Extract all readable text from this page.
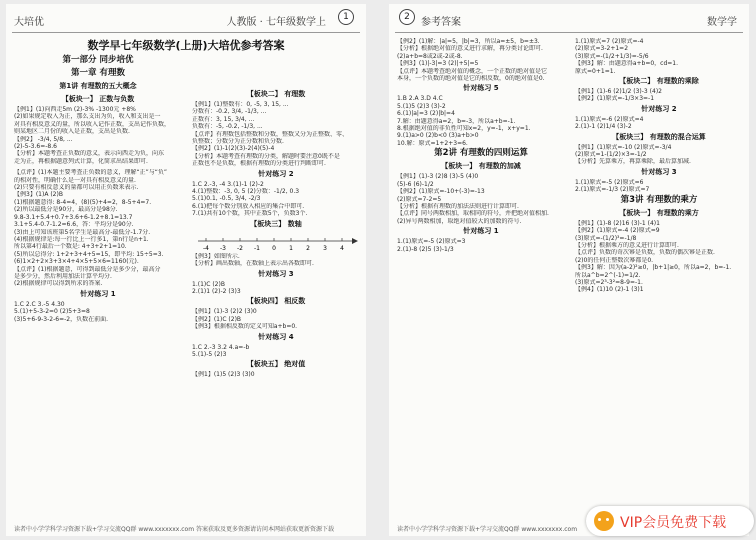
大培优	人教版 · 七年级数学上	1
数学早七年级数学(上册)大培优参考答案
第一部分 同步培优
第一章 有理数
第1讲 有理数的五大概念
【板块一】 正数与负数
【例1】(1)向西走5m (2)-3% -1300元 +8%
(2)如果规定收入为正，那么支出为负，收入和支出是一
对具有相反意义的量，所以收入记作正数，支出记作负数，
则某地区二月份的收入是正数，支出是负数.
【例2】 -3/4, 5/8, ...
(2)-5-3.6=-8.6
【分析】本题考查正负数的意义，表示向西走为负，向东
走为正，再根据题意列式计算，化简求出结果即可.
【点评】(1)本题主要考查正负数的意义，理解“正”与“负”
的相对性，明确什么是一对具有相反意义的量.
(2)只要有相反意义的量都可以用正负数来表示.
【例3】(1)A (2)B
(1)根据题意得: 8-4=4，(8)(5)+4=2，8-5+4=7.
(2)所以最低分是90分，最高分是98分.
9.8-3.1+5.4+0.7+3.6+6-1.2+8.1=13.7
3.1+5.4-0.7-1.2=6.6，答：平均分是90分.
(3)由上可知该班第5名学生是最高分-最低分-1.7分.
(4)根据规律是:每一行比上一行多1，第n行是n+1.
所以第4行最后一个数是: 4+3+2+1=10.
(5)所以总得分: 1+2+3+4+5=15，即平均: 15÷5=3.
(6)1×2+2×3+3×4+4×5+5×6=1160(元).
【点评】(1)根据题意，可得到最低分是多少分，最高分
是多少分，然后利用加法计算平均分.
(2)根据规律可以得到所求的答案.
针对练习 1
1.C 2.C 3.-5 4.30
5.(1)+5-3-2=0 (2)5+3=8
(3)5+6-9-3-2-6=-2，负数在前面.
【板块二】 有理数
【例1】(1)整数有：0, -5, 3, 15, ...
分数有：-0.2, 3/4, -1/3, ...
正数有：3, 15, 3/4, ...
负数有：-5, -0.2, -1/3, ...
【点评】有理数包括整数和分数，整数又分为正整数、零、
负整数；分数分为正分数和负分数.
【例2】(1)-1(2)(3)-2(4)(5)-4
【分析】本题考查有理数的分类，解题时要注意0既不是
正数也不是负数，根据有理数的分类进行判断即可.
针对练习 2
1.C 2.-3, -4 3.(1)-1 (2)-2
4.(1)整数：-3, 0, 5 (2)分数：-1/2, 0.3
5.(1)0.1, -0.5, 3/4, -2/3
6.(1)把每个数分别放入相应的集合中即可.
7.(1)共有10个数，其中正数5个，负数3个.
【板块三】 数轴
-4 -3 -2 -1 0 1 2 3 4
【例3】如图所示.
【分析】画出数轴，在数轴上表示出各数即可.
针对练习 3
1.(1)C (2)B
2.(1)1 (2)-2 (3)3
【板块四】 相反数
【例1】(1)-3 (2)2 (3)0
【例2】(1)C (2)B
【例3】根据相反数的定义可知a+b=0.
针对练习 4
1.C 2.-3 3.2 4.a=-b
5.(1)-5 (2)3
【板块五】 绝对值
【例1】(1)5 (2)3 (3)0
读者中小学学科学习资源下载+学习交流QQ群 www.xxxxxxx.com 答案获取及更多资源请访问本网站获取更新资源下载
2	参考答案	数学学
【例2】(1)解：|a|=5，|b|=3，所以a=±5，b=±3.
【分析】根据绝对值的意义进行求解，再分类讨论即可.
(2)a+b=8或2或-2或-8.
【例3】(1)|-3|=3 (2)|+5|=5
【点评】本题考查绝对值的概念，一个正数的绝对值是它
本身，一个负数的绝对值是它的相反数，0的绝对值是0.
针对练习 5
1.B 2.A 3.D 4.C
5.(1)5 (2)3 (3)-2
6.(1)|a|=3 (2)|b|=4
7.解：由题意得a=2，b=-3，所以a+b=-1.
8.根据绝对值的非负性可知x=2，y=-1，x+y=1.
9.(1)a>0 (2)b<0 (3)a+b>0
10.解：原式=1+2+3=6.
第2讲 有理数的四则运算
【板块一】 有理数的加减
【例1】(1)-3 (2)8 (3)-5 (4)0
(5)-6 (6)-1/2
【例2】(1)原式=-10+(-3)=-13
(2)原式=7-2=5
【分析】根据有理数的加法法则进行计算即可.
【点评】同号两数相加，取相同的符号，并把绝对值相加.
(2)异号两数相加，取绝对值较大的加数的符号.
针对练习 1
1.(1)原式=-5 (2)原式=3
2.(1)-8 (2)5 (3)-1/3
1.(1)原式=7 (2)原式=-4
(2)原式=3-2+1=2
(3)原式=-(1/2+1/3)=-5/6
【例3】解：由题意得a+b=0，cd=1.
原式=0+1=1.
【板块二】 有理数的乘除
【例1】(1)-6 (2)1/2 (3)-3 (4)2
【例2】(1)原式=-1/3×3=-1
针对练习 2
1.(1)原式=-6 (2)原式=4
2.(1)-1 (2)1/4 (3)-2
【板块三】 有理数的混合运算
【例1】(1)原式=-10 (2)原式=-3/4
(2)原式=1-(1/2)×3=-1/2
【分析】先算乘方，再算乘除，最后算加减.
针对练习 3
1.(1)原式=-5 (2)原式=6
2.(1)原式=-1/3 (2)原式=7
第3讲 有理数的乘方
【板块一】 有理数的乘方
【例1】(1)-8 (2)16 (3)-1 (4)1
【例2】(1)原式=-4 (2)原式=9
(3)原式=-(1/2)³=-1/8
【分析】根据乘方的意义进行计算即可.
【点评】负数的奇次幂是负数，负数的偶次幂是正数.
(2)0的任何正整数次幂都是0.
【例3】解：因为(a-2)²≥0，|b+1|≥0，所以a=2，b=-1.
所以a^b=2^(-1)=1/2.
(3)原式=2³-3²=8-9=-1.
【例4】(1)10 (2)-1 (3)1
读者中小学学科学习资源下载+学习交流QQ群 www.xxxxxxx.com	VIP会员免费下载
